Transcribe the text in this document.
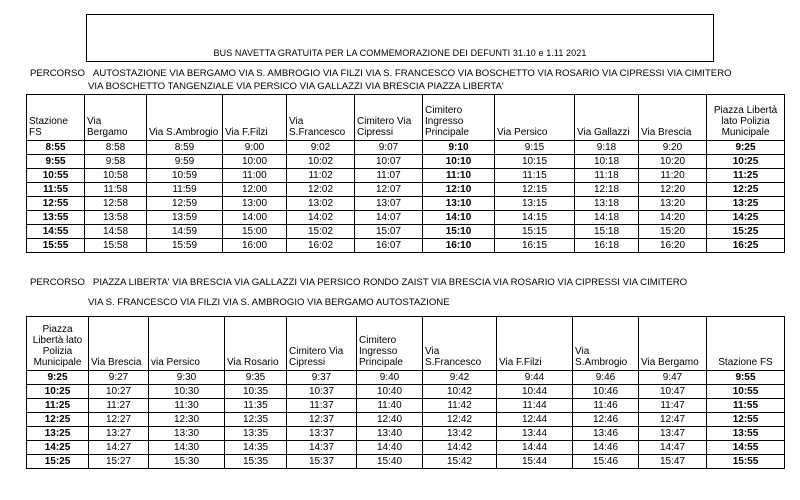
BUS NAVETTA GRATUITA PER LA COMMEMORAZIONE DEI DEFUNTI 31.10 e 1.11 2021
PERCORSO AUTOSTAZIONE VIA BERGAMO VIA S. AMBROGIO VIA FILZI VIA S. FRANCESCO VIA BOSCHETTO VIA ROSARIO VIA CIPRESSI VIA CIMITERO
VIA BOSCHETTO TANGENZIALE VIA PERSICO VIA GALLAZZI VIA BRESCIA PIAZZA LIBERTA'
Stazione FS	Via Bergamo	Via S.Ambrogio	Via F.Filzi	Via S.Francesco	Cimitero Via Cipressi	Cimitero Ingresso Principale	Via Persico	Via Gallazzi	Via Brescia	Piazza Libertà lato Polizia Municipale
8:55	8:58	8:59	9:00	9:02	9:07	9:10	9:15	9:18	9:20	9:25
9:55	9:58	9:59	10:00	10:02	10:07	10:10	10:15	10:18	10:20	10:25
10:55	10:58	10:59	11:00	11:02	11:07	11:10	11:15	11:18	11:20	11:25
11:55	11:58	11:59	12:00	12:02	12:07	12:10	12:15	12:18	12:20	12:25
12:55	12:58	12:59	13:00	13:02	13:07	13:10	13:15	13:18	13:20	13:25
13:55	13:58	13:59	14:00	14:02	14:07	14:10	14:15	14:18	14:20	14:25
14:55	14:58	14:59	15:00	15:02	15:07	15:10	15:15	15:18	15:20	15:25
15:55	15:58	15:59	16:00	16:02	16:07	16:10	16:15	16:18	16:20	16:25
PERCORSO PIAZZA LIBERTA' VIA BRESCIA VIA GALLAZZI VIA PERSICO RONDO ZAIST VIA BRESCIA VIA ROSARIO VIA CIPRESSI VIA CIMITERO
VIA S. FRANCESCO VIA FILZI VIA S. AMBROGIO VIA BERGAMO AUTOSTAZIONE
Piazza Libertà lato Polizia Municipale	Via Brescia	via Persico	Via Rosario	Cimitero Via Cipressi	Cimitero Ingresso Principale	Via S.Francesco	Via F.Filzi	Via S.Ambrogio	Via Bergamo	Stazione FS
9:25	9:27	9:30	9:35	9:37	9:40	9:42	9:44	9:46	9:47	9:55
10:25	10:27	10:30	10:35	10:37	10:40	10:42	10:44	10:46	10:47	10:55
11:25	11:27	11:30	11:35	11:37	11:40	11:42	11:44	11:46	11:47	11:55
12:25	12:27	12:30	12:35	12:37	12:40	12:42	12:44	12:46	12:47	12:55
13:25	13:27	13:30	13:35	13:37	13:40	13:42	13:44	13:46	13:47	13:55
14:25	14:27	14:30	14:35	14:37	14:40	14:42	14:44	14:46	14:47	14:55
15:25	15:27	15:30	15:35	15:37	15:40	15:42	15:44	15:46	15:47	15:55
